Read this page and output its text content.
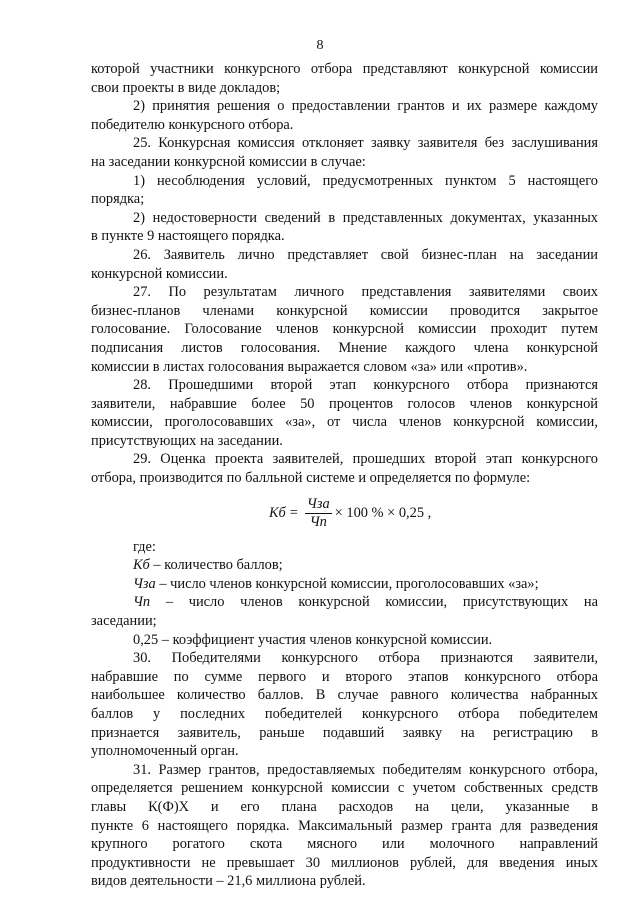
8
которой участники конкурсного отбора представляют конкурсной комиссии
свои проекты в виде докладов;
2) принятия решения о предоставлении грантов и их размере каждому
победителю конкурсного отбора.
25. Конкурсная комиссия отклоняет заявку заявителя без заслушивания
на заседании конкурсной комиссии в случае:
1) несоблюдения условий, предусмотренных пунктом 5 настоящего
порядка;
2) недостоверности сведений в представленных документах, указанных
в пункте 9 настоящего порядка.
26. Заявитель лично представляет свой бизнес-план на заседании
конкурсной комиссии.
27. По результатам личного представления заявителями своих
бизнес-планов членами конкурсной комиссии проводится закрытое
голосование. Голосование членов конкурсной комиссии проходит путем
подписания листов голосования. Мнение каждого члена конкурсной
комиссии в листах голосования выражается словом «за» или «против».
28. Прошедшими второй этап конкурсного отбора признаются
заявители, набравшие более 50 процентов голосов членов конкурсной
комиссии, проголосовавших «за», от числа членов конкурсной комиссии,
присутствующих на заседании.
29. Оценка проекта заявителей, прошедших второй этап конкурсного
отбора, производится по балльной системе и определяется по формуле:
Кб = $\frac{\text{Чза}}{Чп} \times 100$ % × 0,25 ,
где:
Кб – количество баллов;
Чза – число членов конкурсной комиссии, проголосовавших «за»;
Чп – число членов конкурсной комиссии, присутствующих на
заседании;
0,25 – коэффициент участия членов конкурсной комиссии.
30. Победителями конкурсного отбора признаются заявители,
набравшие по сумме первого и второго этапов конкурсного отбора
наибольшее количество баллов. В случае равного количества набранных
баллов у последних победителей конкурсного отбора победителем
признается заявитель, раньше подавший заявку на регистрацию в
уполномоченный орган.
31. Размер грантов, предоставляемых победителям конкурсного отбора,
определяется решением конкурсной комиссии с учетом собственных средств
главы К(Ф)Х и его плана расходов на цели, указанные в
пункте 6 настоящего порядка. Максимальный размер гранта для разведения
крупного рогатого скота мясного или молочного направлений
продуктивности не превышает 30 миллионов рублей, для введения иных
видов деятельности – 21,6 миллиона рублей.
